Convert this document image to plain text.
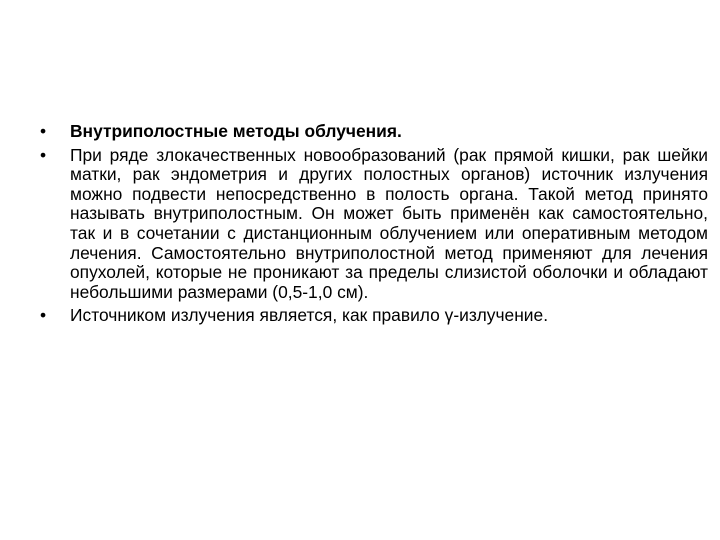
•	Внутриполостные методы облучения.
•	При ряде злокачественных новообразований (рак прямой кишки, рак шейки матки, рак эндометрия и других полостных органов) источник излучения можно подвести непосредственно в полость органа. Такой метод принято называть внутриполостным. Он может быть применён как самостоятельно, так и в сочетании с дистанционным облучением или оперативным методом лечения. Самостоятельно внутриполостной метод применяют для лечения опухолей, которые не проникают за пределы слизистой оболочки и обладают небольшими размерами (0,5-1,0 см).
•	Источником излучения является, как правило γ-излучение.
